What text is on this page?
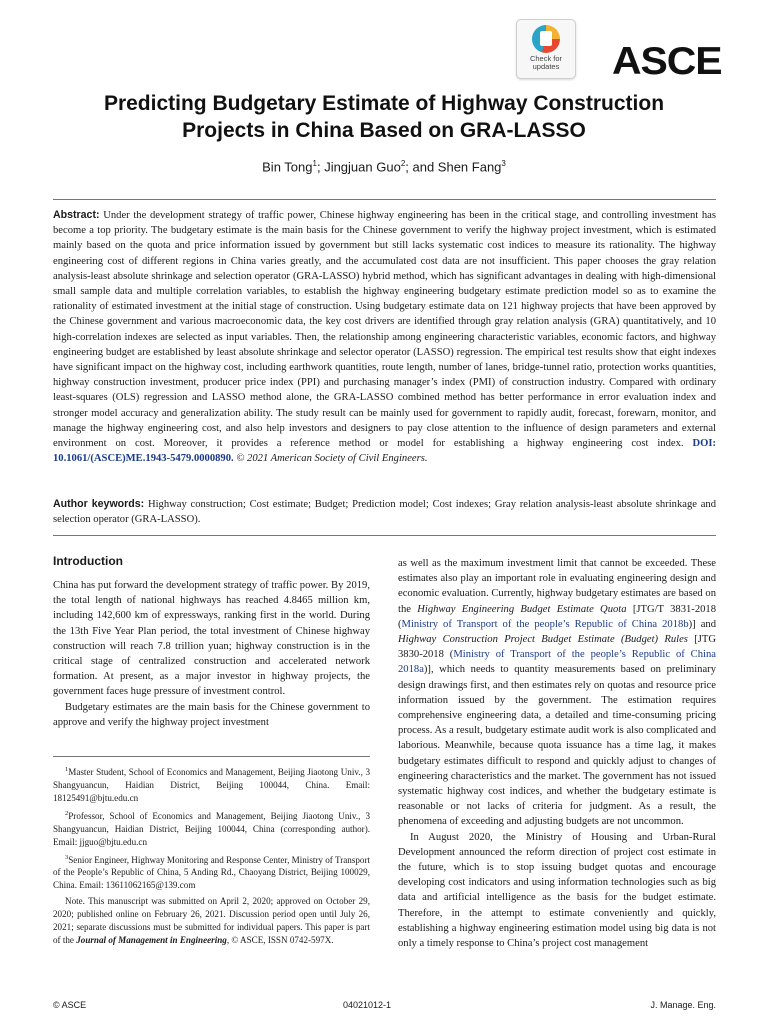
Check for
updates	ASCE
Predicting Budgetary Estimate of Highway Construction
Projects in China Based on GRA-LASSO
Bin Tong$^1$; Jingjuan Guo$^2$; and Shen Fang$^3$
Abstract: Under the development strategy of traffic power, Chinese highway engineering has been in the critical stage, and controlling investment has become a top priority. The budgetary estimate is the main basis for the Chinese government to verify the highway project investment, which is estimated mainly based on the quota and price information issued by government but still lacks systematic cost indices to measure its rationality. The highway engineering cost of different regions in China varies greatly, and the accumulated cost data are not insufficient. This paper chooses the gray relation analysis-least absolute shrinkage and selection operator (GRA-LASSO) hybrid method, which has significant advantages in dealing with high-dimensional small sample data and multiple correlation variables, to establish the highway engineering budgetary estimate prediction model so as to examine the rationality of estimated investment at the initial stage of construction. Using budgetary estimate data on 121 highway projects that have been approved by the Chinese government and various macroeconomic data, the key cost drivers are identified through gray relation analysis (GRA) quantitatively, and 10 high-correlation indexes are selected as input variables. Then, the relationship among engineering characteristic variables, economic factors, and highway engineering budget are established by least absolute shrinkage and selector operator (LASSO) regression. The empirical test results show that eight indexes have significant impact on the highway cost, including earthwork quantities, route length, number of lanes, bridge-tunnel ratio, protection works quantities, highway construction investment, producer price index (PPI) and purchasing manager’s index (PMI) of construction industry. Compared with ordinary least-squares (OLS) regression and LASSO method alone, the GRA-LASSO combined method has better performance in error evaluation index and stronger model accuracy and generalization ability. The study result can be mainly used for government to rapidly audit, forecast, forewarn, monitor, and manage the highway engineering cost, and also help investors and designers to pay close attention to the influence of design parameters and external environment on cost. Moreover, it provides a reference method or model for establishing a highway engineering cost index. DOI: 10.1061/(ASCE)ME.1943-5479.0000890. © 2021 American Society of Civil Engineers.
Author keywords: Highway construction; Cost estimate; Budget; Prediction model; Cost indexes; Gray relation analysis-least absolute shrinkage and selection operator (GRA-LASSO).
Introduction

China has put forward the development strategy of traffic power. By 2019, the total length of national highways has reached 4.8465 million km, including 142,600 km of expressways, ranking first in the world. During the 13th Five Year Plan period, the total investment of Chinese highway construction will reach 7.8 trillion yuan; highway construction is in the critical stage of centralized construction and accelerated network formation. At present, as a major investor in highway projects, the government faces huge pressure of investment control.

Budgetary estimates are the main basis for the Chinese government to approve and verify the highway project investment

$^1$Master Student, School of Economics and Management, Beijing Jiaotong Univ., 3 Shangyuancun, Haidian District, Beijing 100044, China. Email: 18125491@bjtu.edu.cn

$^2$Professor, School of Economics and Management, Beijing Jiaotong Univ., 3 Shangyuancun, Haidian District, Beijing 100044, China (corresponding author). Email: jjguo@bjtu.edu.cn

$^3$Senior Engineer, Highway Monitoring and Response Center, Ministry of Transport of the People’s Republic of China, 5 Anding Rd., Chaoyang District, Beijing 100029, China. Email: 13611062165@139.com

Note. This manuscript was submitted on April 2, 2020; approved on October 29, 2020; published online on February 26, 2021. Discussion period open until July 26, 2021; separate discussions must be submitted for individual papers. This paper is part of the Journal of Management in Engineering, © ASCE, ISSN 0742-597X.

as well as the maximum investment limit that cannot be exceeded. These estimates also play an important role in evaluating engineering design and economic evaluation. Currently, highway budgetary estimates are based on the Highway Engineering Budget Estimate Quota [JTG/T 3831-2018 (Ministry of Transport of the people’s Republic of China 2018b)] and Highway Construction Project Budget Estimate (Budget) Rules [JTG 3830-2018 (Ministry of Transport of the people’s Republic of China 2018a)], which needs to quantity measurements based on preliminary design drawings first, and then estimates rely on quotas and resource price information issued by the government. The estimation requires comprehensive engineering data, a detailed and time-consuming pricing process. As a result, budgetary estimate audit work is also complicated and laborious. Meanwhile, because quota issuance has a time lag, it makes budgetary estimates difficult to respond and quickly adjust to changes of engineering characteristics and the market. The government has not issued systematic highway cost indices, and whether the budgetary estimate is reasonable or not lacks of criteria for judgment. As a result, the phenomena of exceeding and adjusting budgets are not uncommon.

In August 2020, the Ministry of Housing and Urban-Rural Development announced the reform direction of project cost estimate in the future, which is to stop issuing budget quotas and encourage developing cost indicators and using information technologies such as big data and artificial intelligence as the basis for the budget estimate. Therefore, in the attempt to estimate conveniently and quickly, establishing a highway engineering estimation model using big data is not only a timely response to China’s project cost management

© ASCE	04021012-1	J. Manage. Eng.
